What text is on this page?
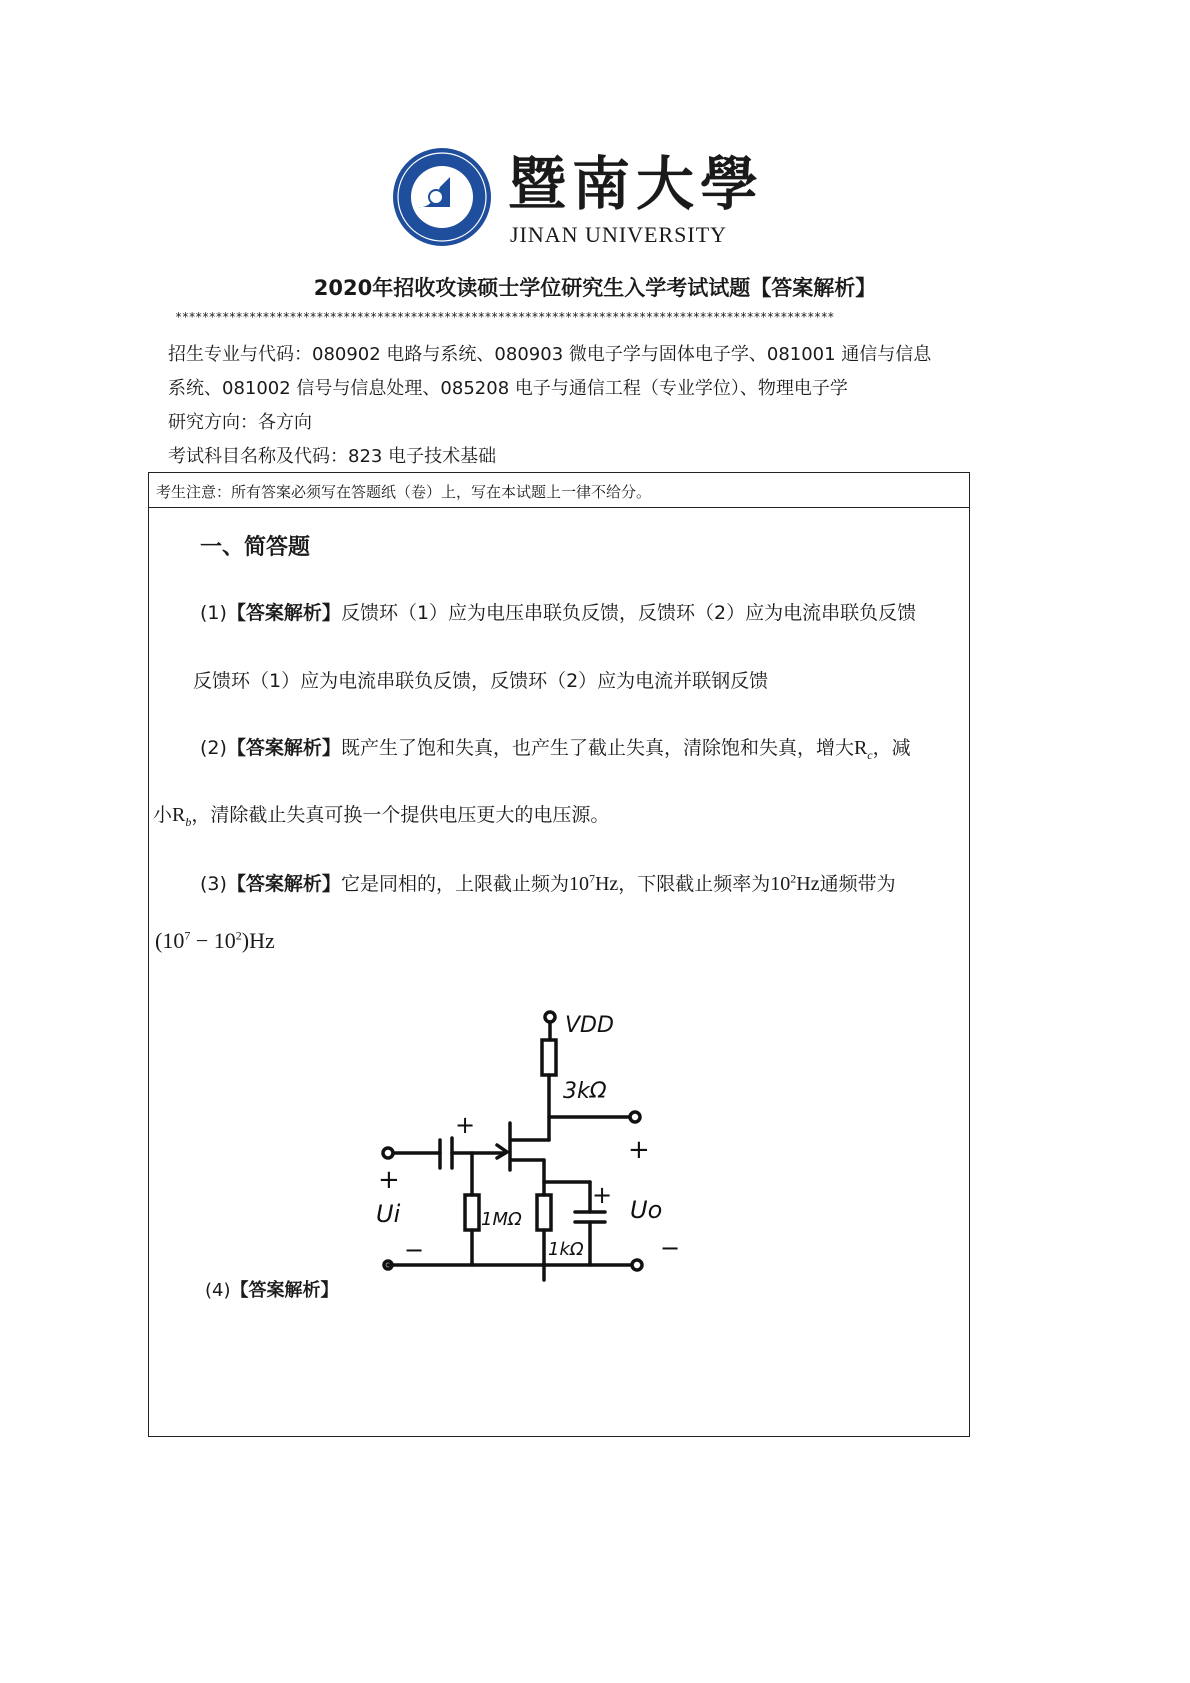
暨南大學
JINAN UNIVERSITY
2020年招收攻读硕士学位研究生入学考试试题【答案解析】
**************************************************************************************************
招生专业与代码：080902 电路与系统、080903 微电子学与固体电子学、081001 通信与信息
系统、081002 信号与信息处理、085208 电子与通信工程（专业学位）、物理电子学
研究方向：各方向
考试科目名称及代码：823 电子技术基础
考生注意：所有答案必须写在答题纸（卷）上，写在本试题上一律不给分。
一、简答题
(1)【答案解析】反馈环（1）应为电压串联负反馈，反馈环（2）应为电流串联负反馈
反馈环（1）应为电流串联负反馈，反馈环（2）应为电流并联钢反馈
(2)【答案解析】既产生了饱和失真，也产生了截止失真，清除饱和失真，增大$R_c$，减
小$R_b$，清除截止失真可换一个提供电压更大的电压源。
(3)【答案解析】它是同相的，上限截止频为$10^7Hz$，下限截止频率为$10^2Hz$通频带为
$(10^7 - 10^2)Hz$
(4)【答案解析】
VDD
3kΩ
1MΩ
1kΩ
Ui	Uo
+
+
+
+
−	−
